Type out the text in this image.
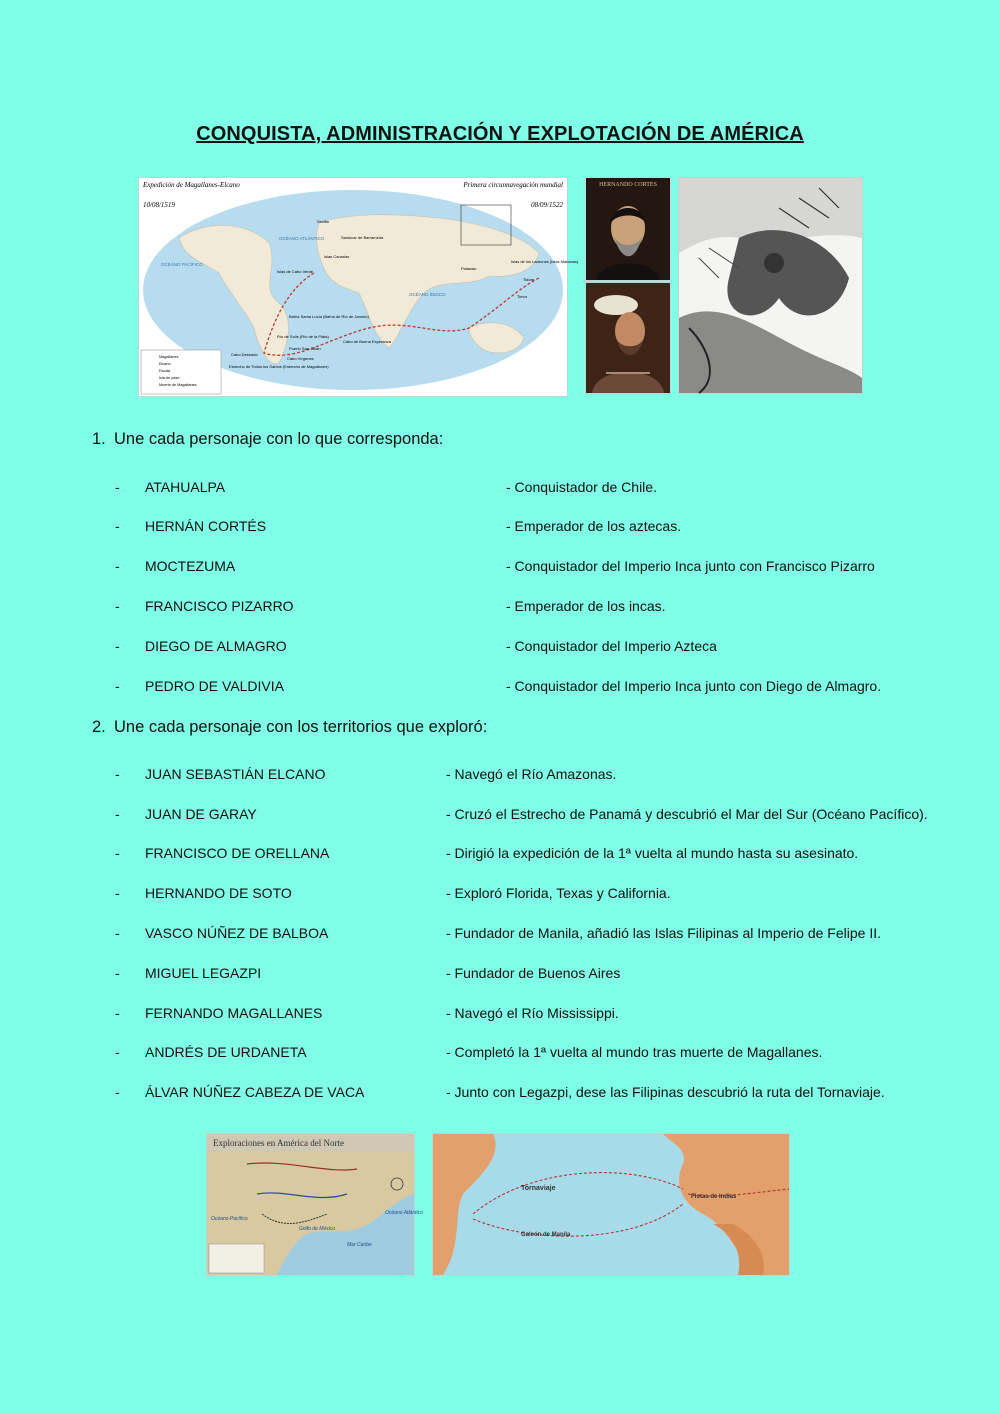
CONQUISTA, ADMINISTRACIÓN Y EXPLOTACIÓN DE AMÉRICA
Expedición de Magallanes-Elcano
10/08/1519
Primera circunnavegación mundial
08/09/1522
OCÉANO ATLÁNTICO
OCÉANO PACÍFICO
OCÉANO ÍNDICO
Sevilla
Sanlúcar de Barrameda
Islas Canarias
Islas de Cabo Verde
Bahía Santa Lucía (Bahía de Río de Janeiro)
Puerto San Julián
Cabo Deseado
Estrecho de Todos los Santos (Estrecho de Magallanes)
Cabo Vírgenes
Río de Solís (Río de la Plata)
Islas de los Ladrones (Islas Marianas)
Palawan
Tidore
Timor
Cabo de Buena Esperanza
Magallanes
Elcano
Escala
Isla de paso
Muerte de Magallanes
HERNANDO CORTES
1. Une cada personaje con lo que corresponda:
- ATAHUALPA	- Conquistador de Chile.
- HERNÁN CORTÉS	- Emperador de los aztecas.
- MOCTEZUMA	- Conquistador del Imperio Inca junto con Francisco Pizarro
- FRANCISCO PIZARRO	- Emperador de los incas.
- DIEGO DE ALMAGRO	- Conquistador del Imperio Azteca
- PEDRO DE VALDIVIA	- Conquistador del Imperio Inca junto con Diego de Almagro.
2. Une cada personaje con los territorios que exploró:
- JUAN SEBASTIÁN ELCANO	- Navegó el Río Amazonas.
- JUAN DE GARAY	- Cruzó el Estrecho de Panamá y descubrió el Mar del Sur (Océano Pacífico).
- FRANCISCO DE ORELLANA	- Dirigió la expedición de la 1ª vuelta al mundo hasta su asesinato.
- HERNANDO DE SOTO	- Exploró Florida, Texas y California.
- VASCO NÚÑEZ DE BALBOA	- Fundador de Manila, añadió las Islas Filipinas al Imperio de Felipe II.
- MIGUEL LEGAZPI	- Fundador de Buenos Aires
- FERNANDO MAGALLANES	- Navegó el Río Mississippi.
- ANDRÉS DE URDANETA	- Completó la 1ª vuelta al mundo tras muerte de Magallanes.
- ÁLVAR NÚÑEZ CABEZA DE VACA	- Junto con Legazpi, dese las Filipinas descubrió la ruta del Tornaviaje.
Exploraciones en América del Norte
Océano Pacífico
Golfo de México
Mar Caribe
Océano Atlántico
Tornaviaje
Galeón de Manila
Flotas de Indias
